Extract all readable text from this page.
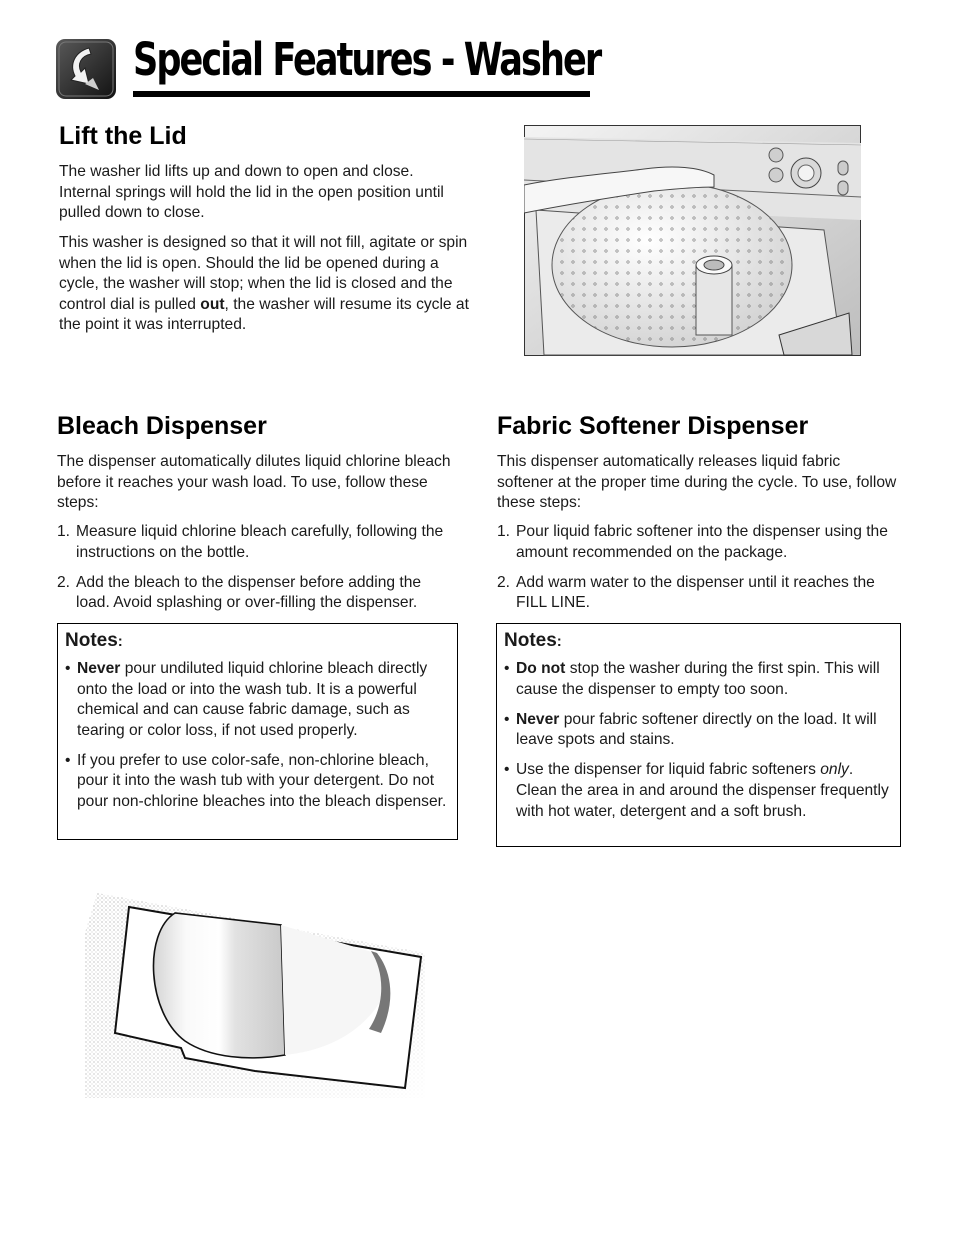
Special Features - Washer
Lift the Lid

The washer lid lifts up and down to open and close. Internal springs will hold the lid in the open position until pulled down to close.

This washer is designed so that it will not fill, agitate or spin when the lid is open. Should the lid be opened during a cycle, the washer will stop; when the lid is closed and the control dial is pulled out, the washer will resume its cycle at the point it was interrupted.

Bleach Dispenser

The dispenser automatically dilutes liquid chlorine bleach before it reaches your wash load. To use, follow these steps:

1. Measure liquid chlorine bleach carefully, following the instructions on the bottle.
2. Add the bleach to the dispenser before adding the load. Avoid splashing or over-filling the dispenser.
Notes:
• Never pour undiluted liquid chlorine bleach directly onto the load or into the wash tub. It is a powerful chemical and can cause fabric damage, such as tearing or color loss, if not used properly.
• If you prefer to use color-safe, non-chlorine bleach, pour it into the wash tub with your detergent. Do not pour non-chlorine bleaches into the bleach dispenser.
Fabric Softener Dispenser

This dispenser automatically releases liquid fabric softener at the proper time during the cycle. To use, follow these steps:

1. Pour liquid fabric softener into the dispenser using the amount recommended on the package.
2. Add warm water to the dispenser until it reaches the FILL LINE.
Notes:
• Do not stop the washer during the first spin. This will cause the dispenser to empty too soon.
• Never pour fabric softener directly on the load. It will leave spots and stains.
• Use the dispenser for liquid fabric softeners only. Clean the area in and around the dispenser frequently with hot water, detergent and a soft brush.
